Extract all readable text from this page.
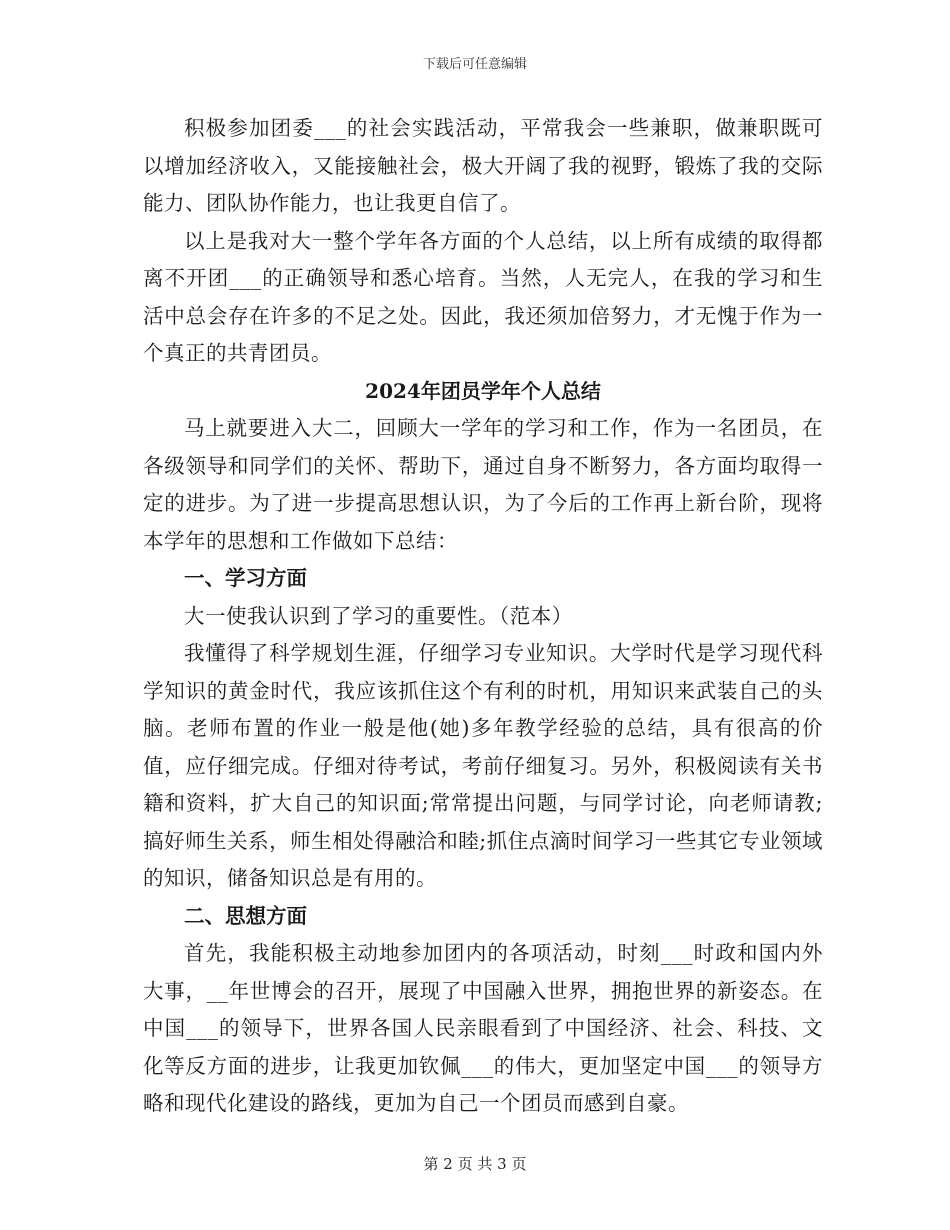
下载后可任意编辑

积极参加团委___的社会实践活动，平常我会一些兼职，做兼职既可以增加经济收入，又能接触社会，极大开阔了我的视野，锻炼了我的交际能力、团队协作能力，也让我更自信了。

以上是我对大一整个学年各方面的个人总结，以上所有成绩的取得都离不开团___的正确领导和悉心培育。当然，人无完人，在我的学习和生活中总会存在许多的不足之处。因此，我还须加倍努力，才无愧于作为一个真正的共青团员。

2024年团员学年个人总结

马上就要进入大二，回顾大一学年的学习和工作，作为一名团员，在各级领导和同学们的关怀、帮助下，通过自身不断努力，各方面均取得一定的进步。为了进一步提高思想认识，为了今后的工作再上新台阶，现将本学年的思想和工作做如下总结：

一、学习方面

大一使我认识到了学习的重要性。（范本）

我懂得了科学规划生涯，仔细学习专业知识。大学时代是学习现代科学知识的黄金时代，我应该抓住这个有利的时机，用知识来武装自己的头脑。老师布置的作业一般是他(她)多年教学经验的总结，具有很高的价值，应仔细完成。仔细对待考试，考前仔细复习。另外，积极阅读有关书籍和资料，扩大自己的知识面;常常提出问题，与同学讨论，向老师请教;搞好师生关系，师生相处得融洽和睦;抓住点滴时间学习一些其它专业领域的知识，储备知识总是有用的。

二、思想方面

首先，我能积极主动地参加团内的各项活动，时刻___时政和国内外大事，__年世博会的召开，展现了中国融入世界，拥抱世界的新姿态。在中国___的领导下，世界各国人民亲眼看到了中国经济、社会、科技、文化等反方面的进步，让我更加钦佩___的伟大，更加坚定中国___的领导方略和现代化建设的路线，更加为自己一个团员而感到自豪。

第 2 页 共 3 页
